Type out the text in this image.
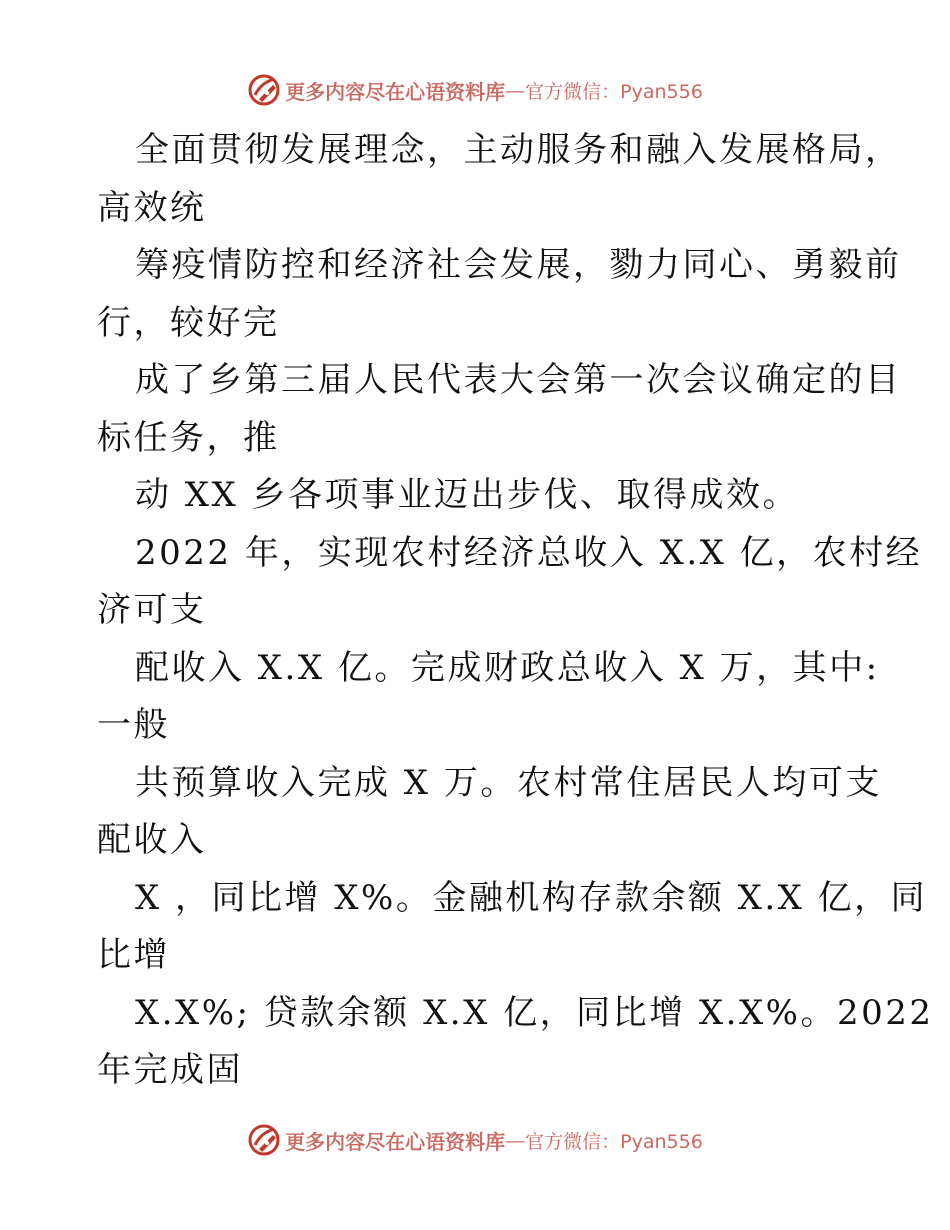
更多内容尽在心语资料库 — 官方微信：Pyan556
全面贯彻发展理念，主动服务和融入发展格局，
高效统
筹疫情防控和经济社会发展，勠力同心、勇毅前
行，较好完
成了乡第三届人民代表大会第一次会议确定的目
标任务，推
动 XX 乡各项事业迈出步伐、取得成效。
2022 年，实现农村经济总收入 X.X 亿，农村经
济可支
配收入 X.X 亿。完成财政总收入 X 万，其中:
一般
共预算收入完成 X 万。农村常住居民人均可支
配收入
X ，同比增 X%。金融机构存款余额 X.X 亿，同
比增
X.X%; 贷款余额 X.X 亿，同比增 X.X%。2022
年完成固
更多内容尽在心语资料库 — 官方微信：Pyan556
